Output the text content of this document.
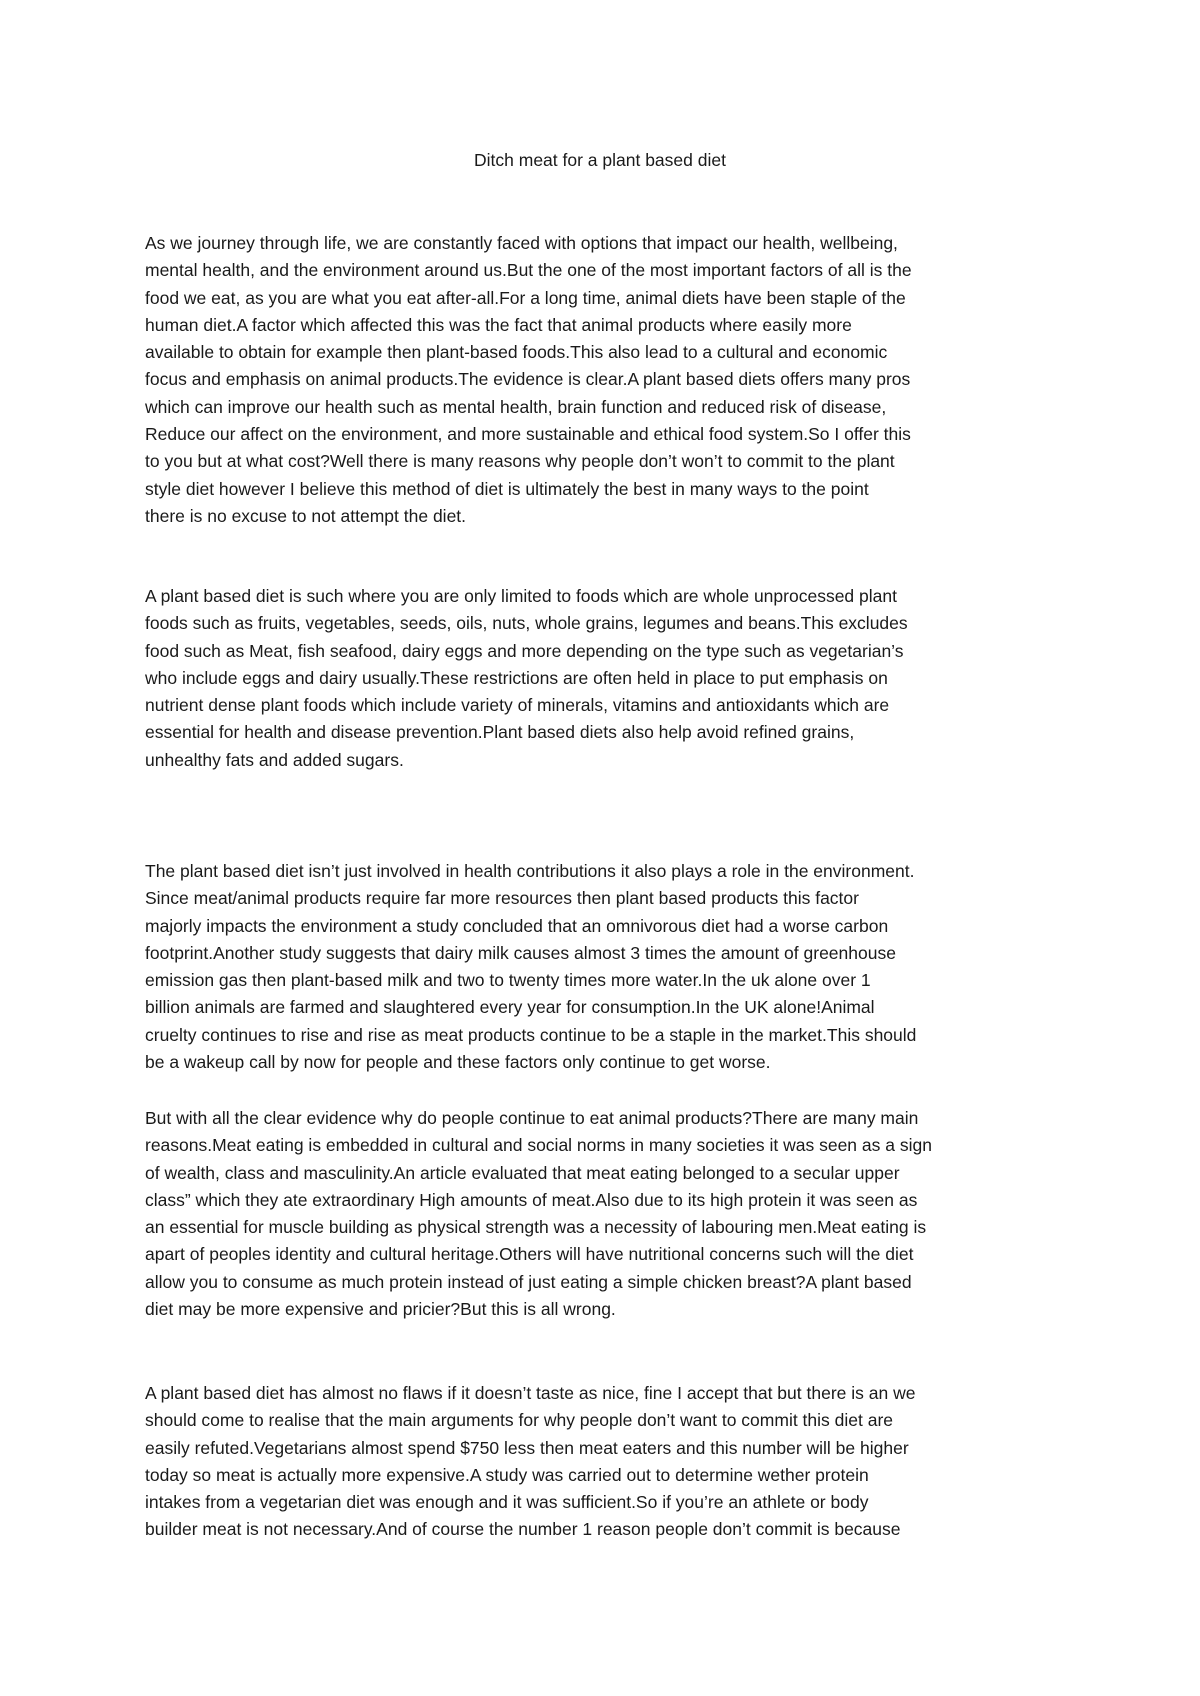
Ditch meat for a plant based diet
As we journey through life, we are constantly faced with options that impact our health, wellbeing,
mental health, and the environment around us.But the one of the most important factors of all is the
food we eat, as you are what you eat after-all.For a long time, animal diets have been staple of the
human diet.A factor which affected this was the fact that animal products where easily more
available to obtain for example then plant-based foods.This also lead to a cultural and economic
focus and emphasis on animal products.The evidence is clear.A plant based diets offers many pros
which can improve our health such as mental health, brain function and reduced risk of disease,
Reduce our affect on the environment, and more sustainable and ethical food system.So I offer this
to you but at what cost?Well there is many reasons why people don’t won’t to commit to the plant
style diet however I believe this method of diet is ultimately the best in many ways to the point
there is no excuse to not attempt the diet.
A plant based diet is such where you are only limited to foods which are whole unprocessed plant
foods such as fruits, vegetables, seeds, oils, nuts, whole grains, legumes and beans.This excludes
food such as Meat, fish seafood, dairy eggs and more depending on the type such as vegetarian’s
who include eggs and dairy usually.These restrictions are often held in place to put emphasis on
nutrient dense plant foods which include variety of minerals, vitamins and antioxidants which are
essential for health and disease prevention.Plant based diets also help avoid refined grains,
unhealthy fats and added sugars.
The plant based diet isn’t just involved in health contributions it also plays a role in the environment.
Since meat/animal products require far more resources then plant based products this factor
majorly impacts the environment a study concluded that an omnivorous diet had a worse carbon
footprint.Another study suggests that dairy milk causes almost 3 times the amount of greenhouse
emission gas then plant-based milk and two to twenty times more water.In the uk alone over 1
billion animals are farmed and slaughtered every year for consumption.In the UK alone!Animal
cruelty continues to rise and rise as meat products continue to be a staple in the market.This should
be a wakeup call by now for people and these factors only continue to get worse.
But with all the clear evidence why do people continue to eat animal products?There are many main
reasons.Meat eating is embedded in cultural and social norms in many societies it was seen as a sign
of wealth, class and masculinity.An article evaluated that meat eating belonged to a secular upper
class” which they ate extraordinary High amounts of meat.Also due to its high protein it was seen as
an essential for muscle building as physical strength was a necessity of labouring men.Meat eating is
apart of peoples identity and cultural heritage.Others will have nutritional concerns such will the diet
allow you to consume as much protein instead of just eating a simple chicken breast?A plant based
diet may be more expensive and pricier?But this is all wrong.
A plant based diet has almost no flaws if it doesn’t taste as nice, fine I accept that but there is an we
should come to realise that the main arguments for why people don’t want to commit this diet are
easily refuted.Vegetarians almost spend $750 less then meat eaters and this number will be higher
today so meat is actually more expensive.A study was carried out to determine wether protein
intakes from a vegetarian diet was enough and it was sufficient.So if you’re an athlete or body
builder meat is not necessary.And of course the number 1 reason people don’t commit is because
